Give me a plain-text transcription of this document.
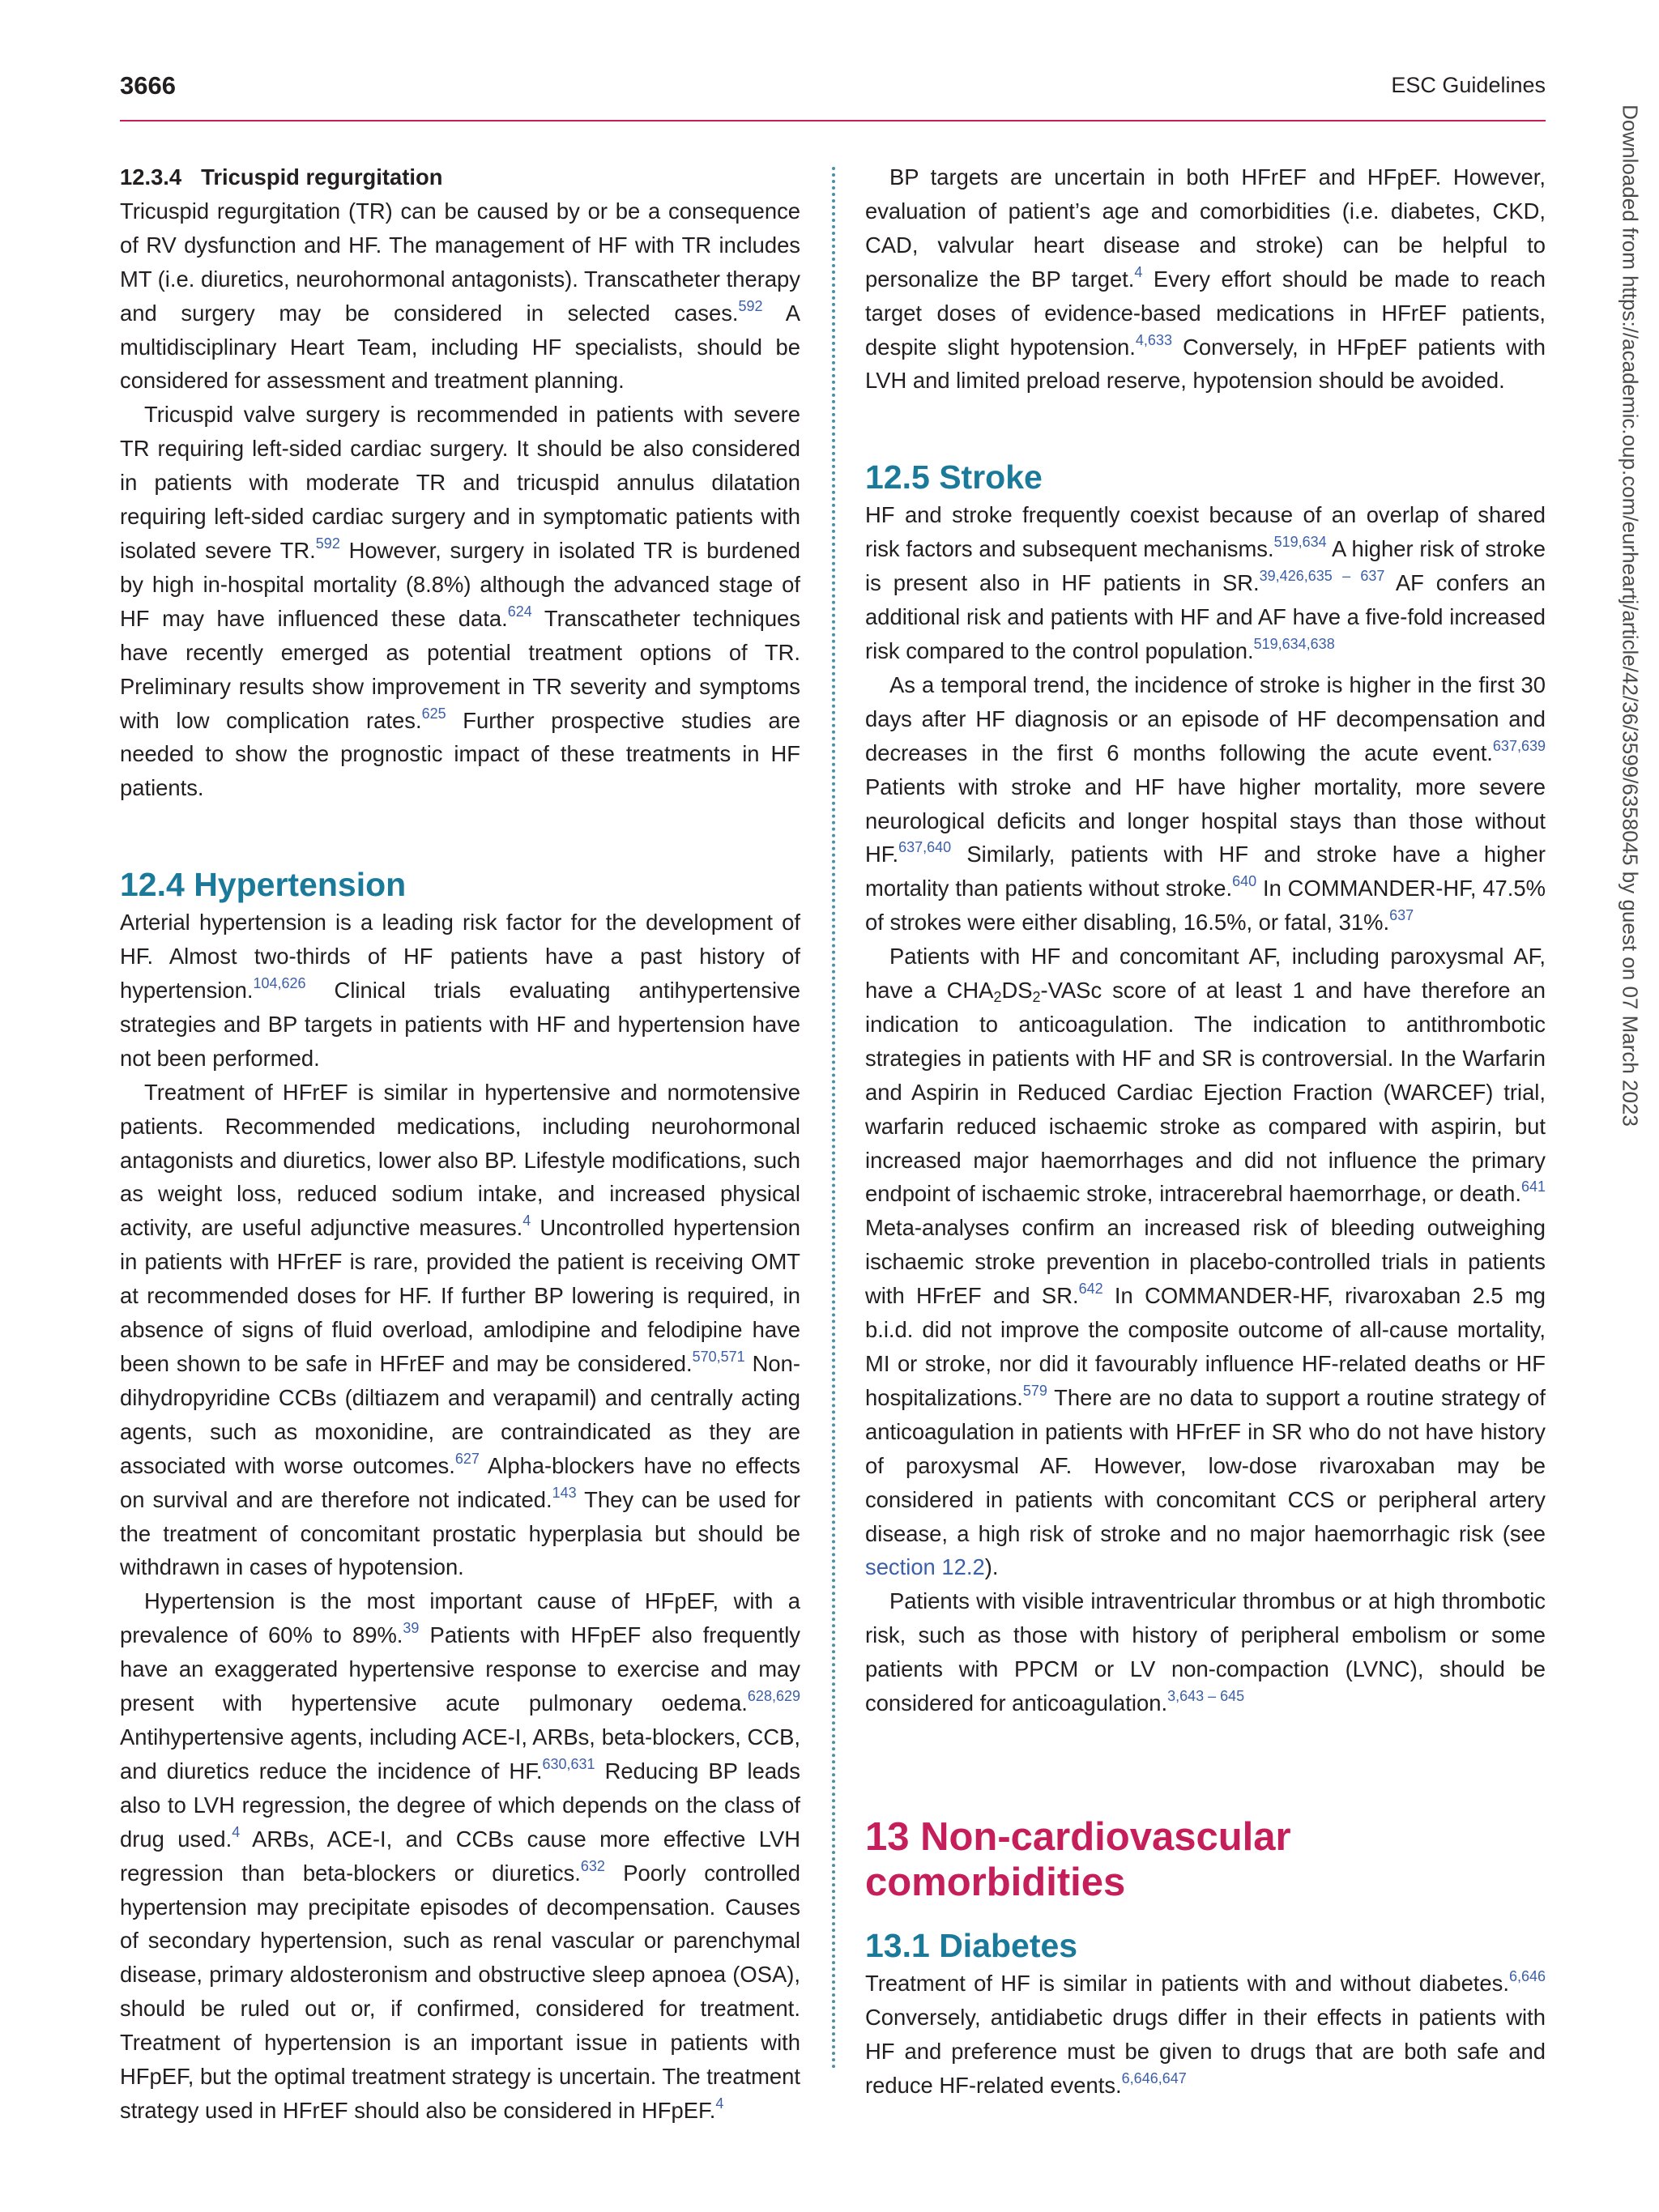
3666	ESC Guidelines
12.3.4 Tricuspid regurgitation

Tricuspid regurgitation (TR) can be caused by or be a consequence of RV dysfunction and HF. The management of HF with TR includes MT (i.e. diuretics, neurohormonal antagonists). Transcatheter therapy and surgery may be considered in selected cases.$^{592}$ A multidisciplinary Heart Team, including HF specialists, should be considered for assessment and treatment planning.

Tricuspid valve surgery is recommended in patients with severe TR requiring left-sided cardiac surgery. It should be also considered in patients with moderate TR and tricuspid annulus dilatation requiring left-sided cardiac surgery and in symptomatic patients with isolated severe TR.$^{592}$ However, surgery in isolated TR is burdened by high in-hospital mortality (8.8%) although the advanced stage of HF may have influenced these data.$^{624}$ Transcatheter techniques have recently emerged as potential treatment options of TR. Preliminary results show improvement in TR severity and symptoms with low complication rates.$^{625}$ Further prospective studies are needed to show the prognostic impact of these treatments in HF patients.

12.4 Hypertension

Arterial hypertension is a leading risk factor for the development of HF. Almost two-thirds of HF patients have a past history of hypertension.$^{104,626}$ Clinical trials evaluating antihypertensive strategies and BP targets in patients with HF and hypertension have not been performed.

Treatment of HFrEF is similar in hypertensive and normotensive patients. Recommended medications, including neurohormonal antagonists and diuretics, lower also BP. Lifestyle modifications, such as weight loss, reduced sodium intake, and increased physical activity, are useful adjunctive measures.$^4$ Uncontrolled hypertension in patients with HFrEF is rare, provided the patient is receiving OMT at recommended doses for HF. If further BP lowering is required, in absence of signs of fluid overload, amlodipine and felodipine have been shown to be safe in HFrEF and may be considered.$^{570,571}$ Non-dihydropyridine CCBs (diltiazem and verapamil) and centrally acting agents, such as moxonidine, are contraindicated as they are associated with worse outcomes.$^{627}$ Alpha-blockers have no effects on survival and are therefore not indicated.$^{143}$ They can be used for the treatment of concomitant prostatic hyperplasia but should be withdrawn in cases of hypotension.

Hypertension is the most important cause of HFpEF, with a prevalence of 60% to 89%.$^{39}$ Patients with HFpEF also frequently have an exaggerated hypertensive response to exercise and may present with hypertensive acute pulmonary oedema.$^{628,629}$ Antihypertensive agents, including ACE-I, ARBs, beta-blockers, CCB, and diuretics reduce the incidence of HF.$^{630,631}$ Reducing BP leads also to LVH regression, the degree of which depends on the class of drug used.$^4$ ARBs, ACE-I, and CCBs cause more effective LVH regression than beta-blockers or diuretics.$^{632}$ Poorly controlled hypertension may precipitate episodes of decompensation. Causes of secondary hypertension, such as renal vascular or parenchymal disease, primary aldosteronism and obstructive sleep apnoea (OSA), should be ruled out or, if confirmed, considered for treatment. Treatment of hypertension is an important issue in patients with HFpEF, but the optimal treatment strategy is uncertain. The treatment strategy used in HFrEF should also be considered in HFpEF.$^4$

BP targets are uncertain in both HFrEF and HFpEF. However, evaluation of patient’s age and comorbidities (i.e. diabetes, CKD, CAD, valvular heart disease and stroke) can be helpful to personalize the BP target.$^4$ Every effort should be made to reach target doses of evidence-based medications in HFrEF patients, despite slight hypotension.$^{4,633}$ Conversely, in HFpEF patients with LVH and limited preload reserve, hypotension should be avoided.

12.5 Stroke

HF and stroke frequently coexist because of an overlap of shared risk factors and subsequent mechanisms.$^{519,634}$ A higher risk of stroke is present also in HF patients in SR.$^{39,426,635 - 637}$ AF confers an additional risk and patients with HF and AF have a five-fold increased risk compared to the control population.$^{519,634,638}$

As a temporal trend, the incidence of stroke is higher in the first 30 days after HF diagnosis or an episode of HF decompensation and decreases in the first 6 months following the acute event.$^{637,639}$ Patients with stroke and HF have higher mortality, more severe neurological deficits and longer hospital stays than those without HF.$^{637,640}$ Similarly, patients with HF and stroke have a higher mortality than patients without stroke.$^{640}$ In COMMANDER-HF, 47.5% of strokes were either disabling, 16.5%, or fatal, 31%.$^{637}$

Patients with HF and concomitant AF, including paroxysmal AF, have a $CHA_2DS_2$-VASc score of at least 1 and have therefore an indication to anticoagulation. The indication to antithrombotic strategies in patients with HF and SR is controversial. In the Warfarin and Aspirin in Reduced Cardiac Ejection Fraction (WARCEF) trial, warfarin reduced ischaemic stroke as compared with aspirin, but increased major haemorrhages and did not influence the primary endpoint of ischaemic stroke, intracerebral haemorrhage, or death.$^{641}$ Meta-analyses confirm an increased risk of bleeding outweighing ischaemic stroke prevention in placebo-controlled trials in patients with HFrEF and SR.$^{642}$ In COMMANDER-HF, rivaroxaban 2.5 mg b.i.d. did not improve the composite outcome of all-cause mortality, MI or stroke, nor did it favourably influence HF-related deaths or HF hospitalizations.$^{579}$ There are no data to support a routine strategy of anticoagulation in patients with HFrEF in SR who do not have history of paroxysmal AF. However, low-dose rivaroxaban may be considered in patients with concomitant CCS or peripheral artery disease, a high risk of stroke and no major haemorrhagic risk (see section 12.2).

Patients with visible intraventricular thrombus or at high thrombotic risk, such as those with history of peripheral embolism or some patients with PPCM or LV non-compaction (LVNC), should be considered for anticoagulation.$^{3,643 - 645}$

13 Non-cardiovascular
comorbidities
13.1 Diabetes

Treatment of HF is similar in patients with and without diabetes.$^{6,646}$ Conversely, antidiabetic drugs differ in their effects in patients with HF and preference must be given to drugs that are both safe and reduce HF-related events.$^{6,646,647}$

Downloaded from https://academic.oup.com/eurheartj/article/42/36/3599/6358045 by guest on 07 March 2023
